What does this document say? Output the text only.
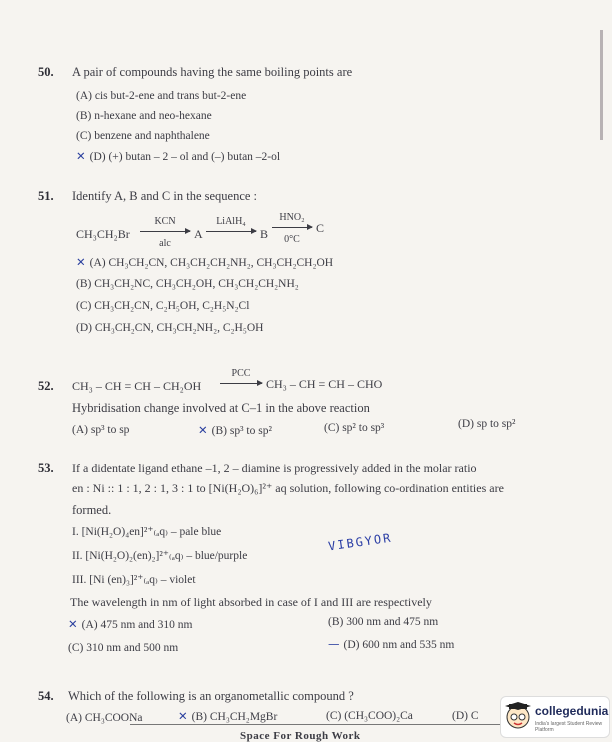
50. A pair of compounds having the same boiling points are
(A) cis but-2-ene and trans but-2-ene
(B) n-hexane and neo-hexane
(C) benzene and naphthalene
✕ (D) (+) butan – 2 – ol and (–) butan –2-ol
51. Identify A, B and C in the sequence :
CH₃CH₂Br
KCN
alc
A
LiAlH₄
→ B
HNO₂
0°C
C
✕ (A) CH₃CH₂CN, CH₃CH₂CH₂NH₂, CH₃CH₂CH₂OH
(B) CH₃CH₂NC, CH₃CH₂OH, CH₃CH₂CH₂NH₂
(C) CH₃CH₂CN, C₂H₅OH, C₂H₅N₂Cl
(D) CH₃CH₂CN, CH₃CH₂NH₂, C₂H₅OH
52. CH₃ – CH = CH – CH₂OH
PCC
→ CH₃ – CH = CH – CHO
Hybridisation change involved at C–1 in the above reaction
(A) sp³ to sp	✕ (B) sp³ to sp²	(C) sp² to sp³	(D) sp to sp²
53. If a didentate ligand ethane –1, 2 – diamine is progressively added in the molar ratio
en : Ni :: 1 : 1, 2 : 1, 3 : 1 to [Ni(H₂O)₆]²⁺ aq solution, following co-ordination entities are
formed.
I. [Ni(H₂O)₄en]²⁺₍ₐq₎ – pale blue
II. [Ni(H₂O)₂(en)₂]²⁺₍ₐq₎ – blue/purple
III. [Ni (en)₃]²⁺₍ₐq₎ – violet
VIBGYOR
The wavelength in nm of light absorbed in case of I and III are respectively
✕ (A) 475 nm and 310 nm	(B) 300 nm and 475 nm
(C) 310 nm and 500 nm	— (D) 600 nm and 535 nm
54. Which of the following is an organometallic compound ?
(A) CH₃COONa	✕ (B) CH₃CH₂MgBr	(C) (CH₃COO)₂Ca	(D) C
Space For Rough Work
collegedunia
India's largest Student Review Platform
